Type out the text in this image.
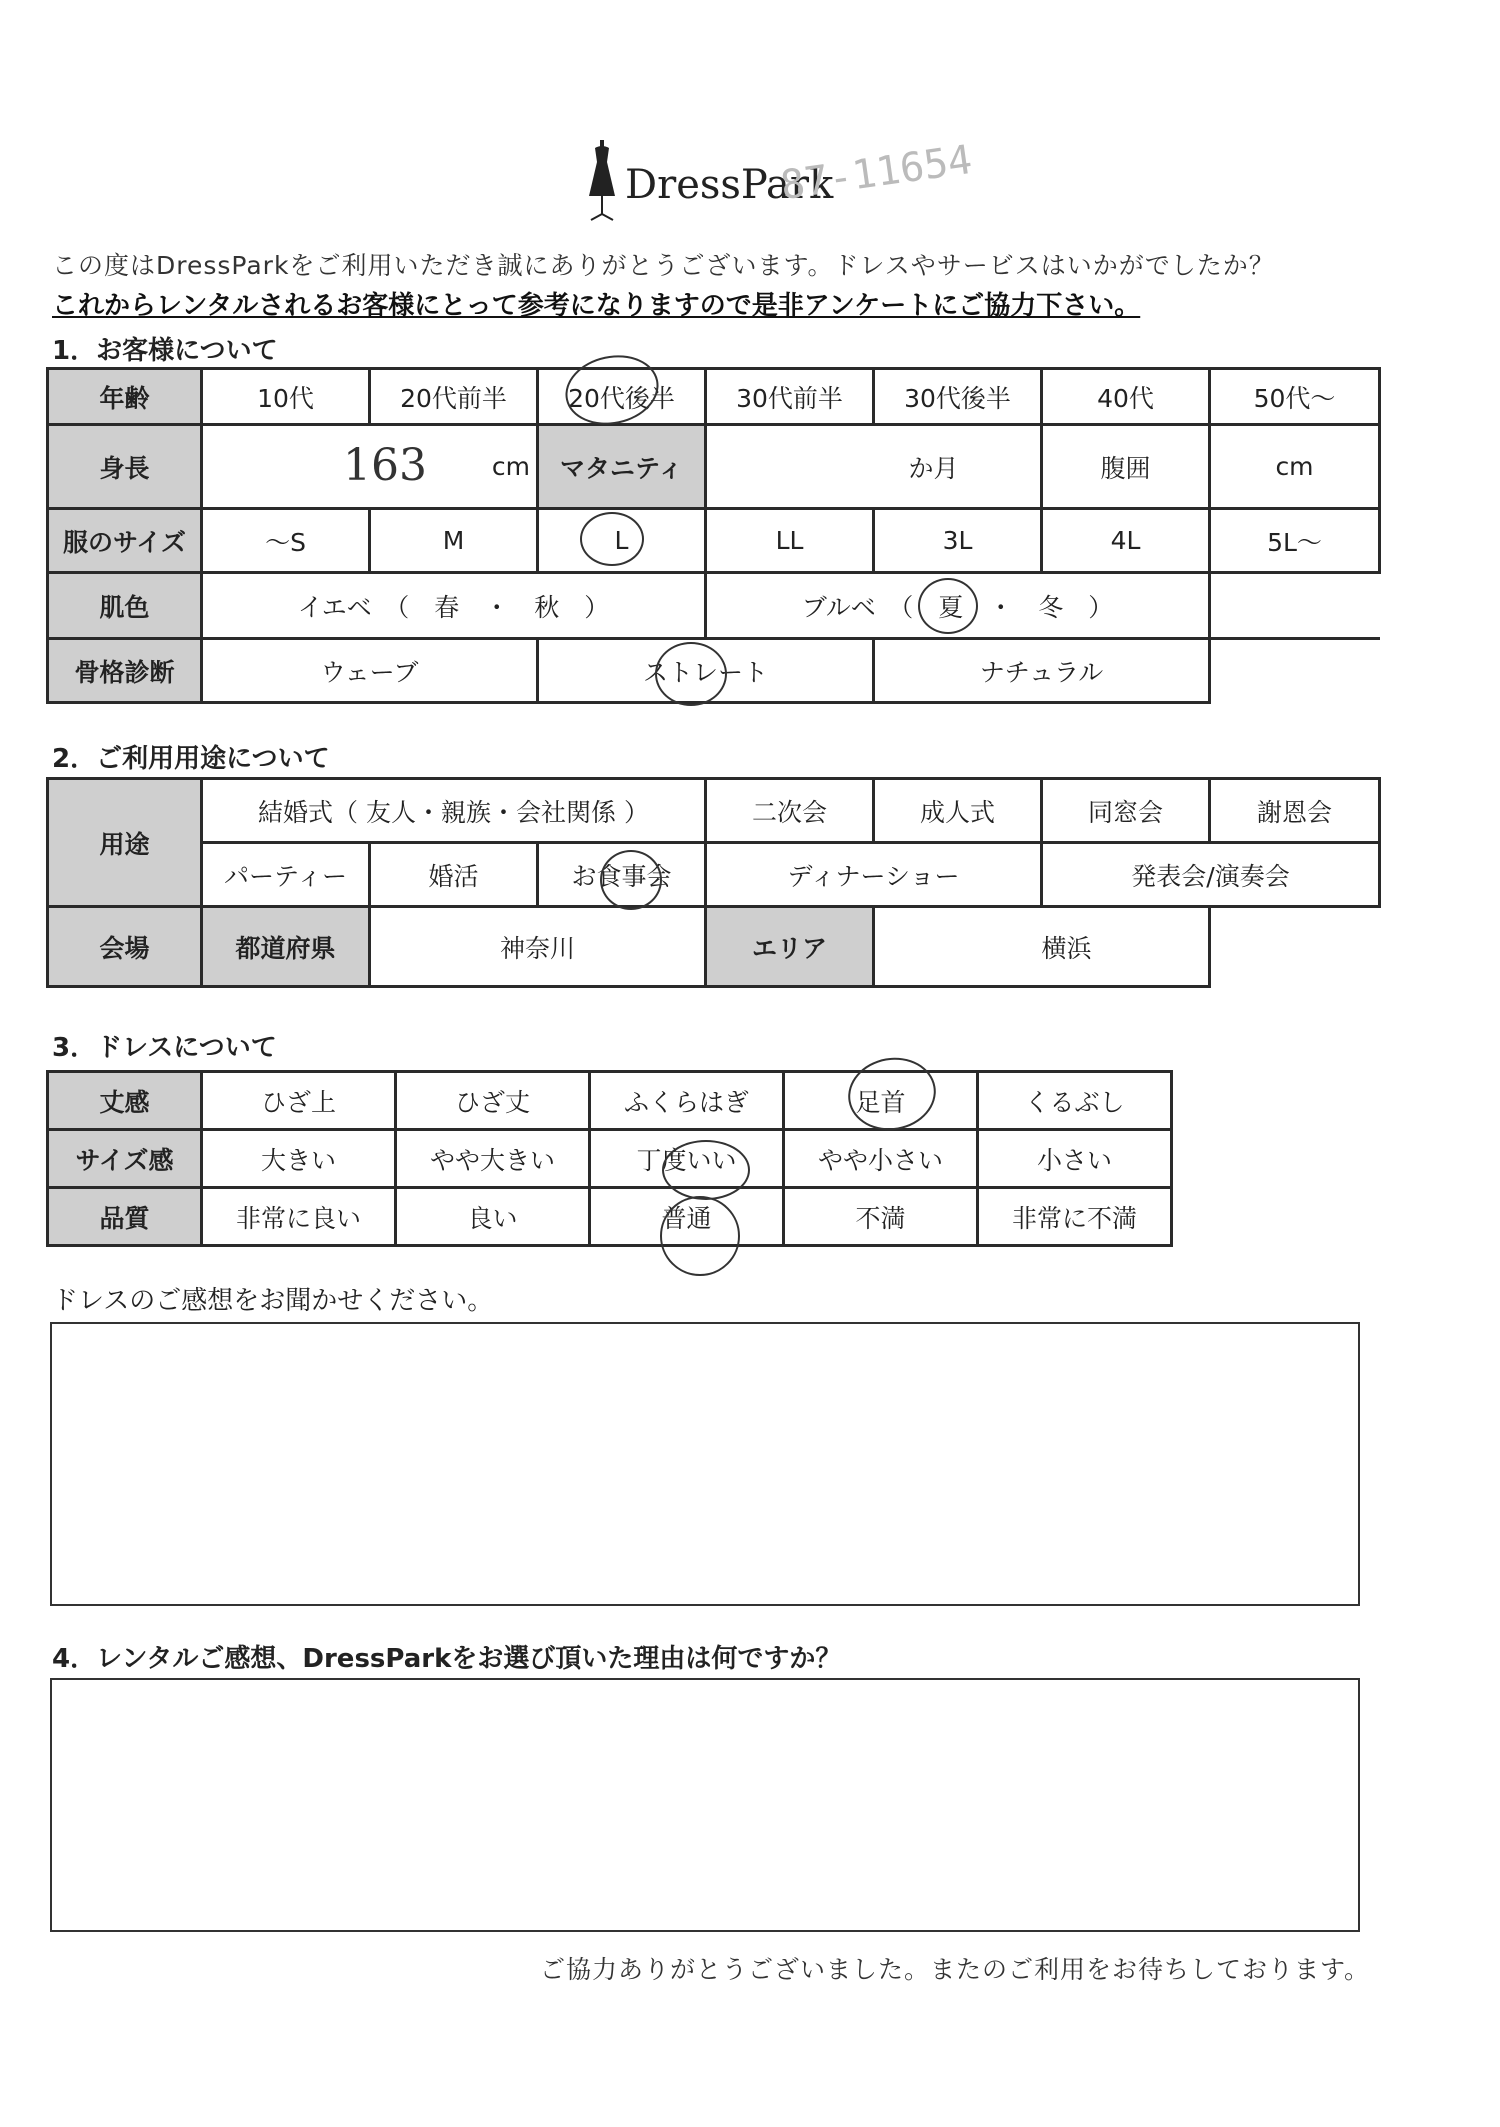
DressPark
87-11654
この度はDressParkをご利用いただき誠にありがとうございます。ドレスやサービスはいかがでしたか？
これからレンタルされるお客様にとって参考になりますので是非アンケートにご協力下さい。
1．お客様について
年齢	10代	20代前半	20代後半	30代前半	30代後半	40代	50代～
身長	163 cm		マタニティ	か月		腹囲	cm
服のサイズ	～S	M	L	LL	3L	4L	5L～
肌色	イエベ　（　春　・　秋　）			ブルベ　（　夏　・　冬　）			
骨格診断	ウェーブ		ストレート		ナチュラル		
2．ご利用用途について
用途	結婚式（ 友人・親族・会社関係 ）			二次会	成人式	同窓会	謝恩会
	パーティー	婚活	お食事会	ディナーショー		発表会/演奏会	
会場	都道府県	神奈川		エリア	横浜		
3．ドレスについて
丈感	ひざ上	ひざ丈	ふくらはぎ	足首	くるぶし
サイズ感	大きい	やや大きい	丁度いい	やや小さい	小さい
品質	非常に良い	良い	普通	不満	非常に不満
ドレスのご感想をお聞かせください。
4．レンタルご感想、DressParkをお選び頂いた理由は何ですか？
ご協力ありがとうございました。またのご利用をお待ちしております。
